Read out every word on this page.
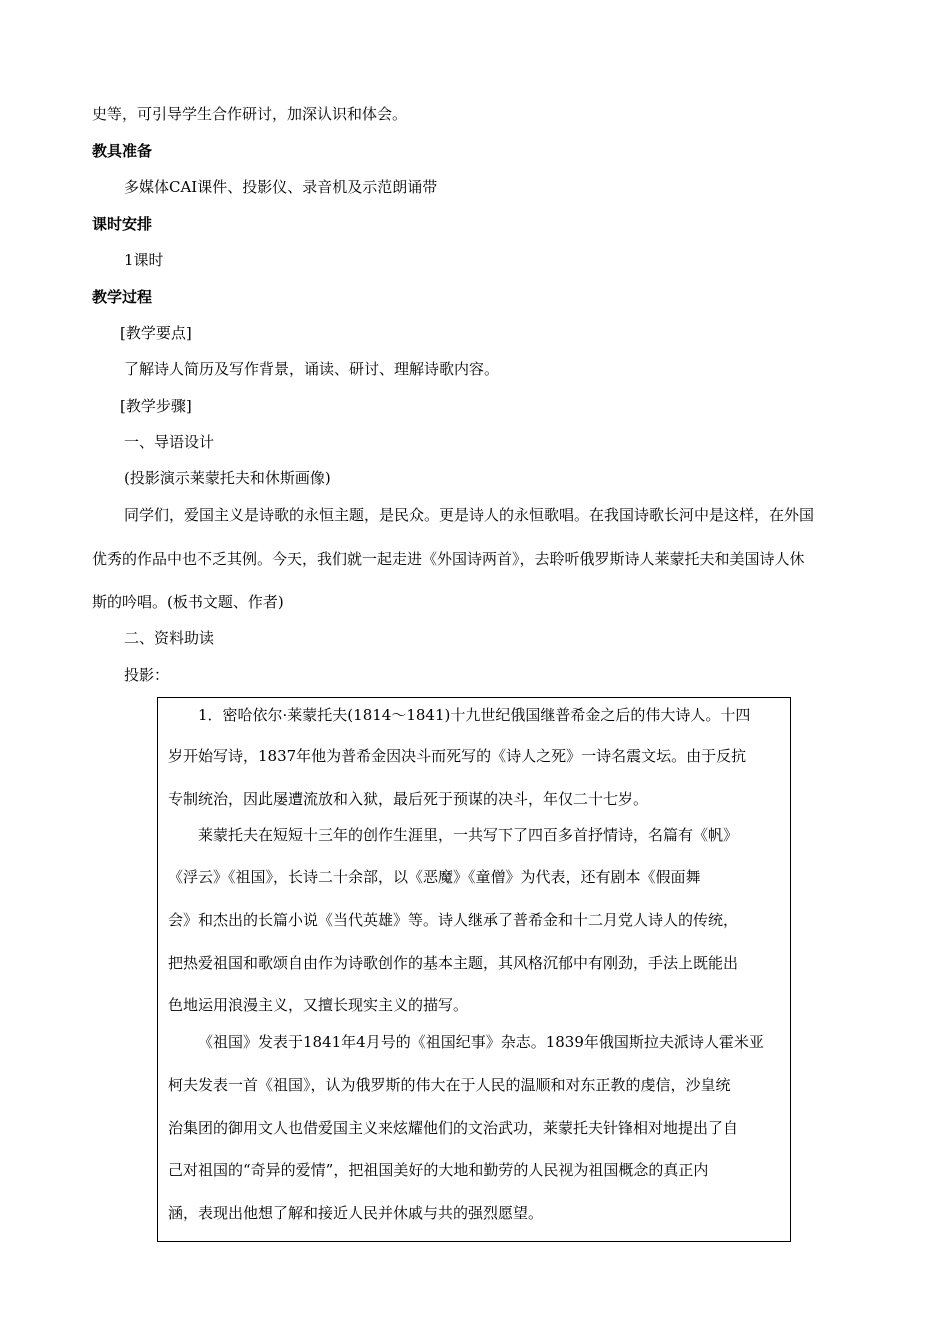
史等，可引导学生合作研讨，加深认识和体会。
教具准备
多媒体CAI课件、投影仪、录音机及示范朗诵带
课时安排
1课时
教学过程
[教学要点]
了解诗人简历及写作背景，诵读、研讨、理解诗歌内容。
[教学步骤]
一、导语设计
(投影演示莱蒙托夫和休斯画像)
同学们，爱国主义是诗歌的永恒主题，是民众。更是诗人的永恒歌唱。在我国诗歌长河中是这样，在外国
优秀的作品中也不乏其例。今天，我们就一起走进《外国诗两首》，去聆听俄罗斯诗人莱蒙托夫和美国诗人休
斯的吟唱。(板书文题、作者)
二、资料助读
投影：
1．密哈依尔·莱蒙托夫(1814～1841)十九世纪俄国继普希金之后的伟大诗人。十四
岁开始写诗，1837年他为普希金因决斗而死写的《诗人之死》一诗名震文坛。由于反抗
专制统治，因此屡遭流放和入狱，最后死于预谋的决斗，年仅二十七岁。
莱蒙托夫在短短十三年的创作生涯里，一共写下了四百多首抒情诗，名篇有《帆》
《浮云》《祖国》，长诗二十余部，以《恶魔》《童僧》为代表，还有剧本《假面舞
会》和杰出的长篇小说《当代英雄》等。诗人继承了普希金和十二月党人诗人的传统，
把热爱祖国和歌颂自由作为诗歌创作的基本主题，其风格沉郁中有刚劲，手法上既能出
色地运用浪漫主义，又擅长现实主义的描写。
《祖国》发表于1841年4月号的《祖国纪事》杂志。1839年俄国斯拉夫派诗人霍米亚
柯夫发表一首《祖国》，认为俄罗斯的伟大在于人民的温顺和对东正教的虔信，沙皇统
治集团的御用文人也借爱国主义来炫耀他们的文治武功，莱蒙托夫针锋相对地提出了自
己对祖国的“奇异的爱情”，把祖国美好的大地和勤劳的人民视为祖国概念的真正内
涵，表现出他想了解和接近人民并休戚与共的强烈愿望。
